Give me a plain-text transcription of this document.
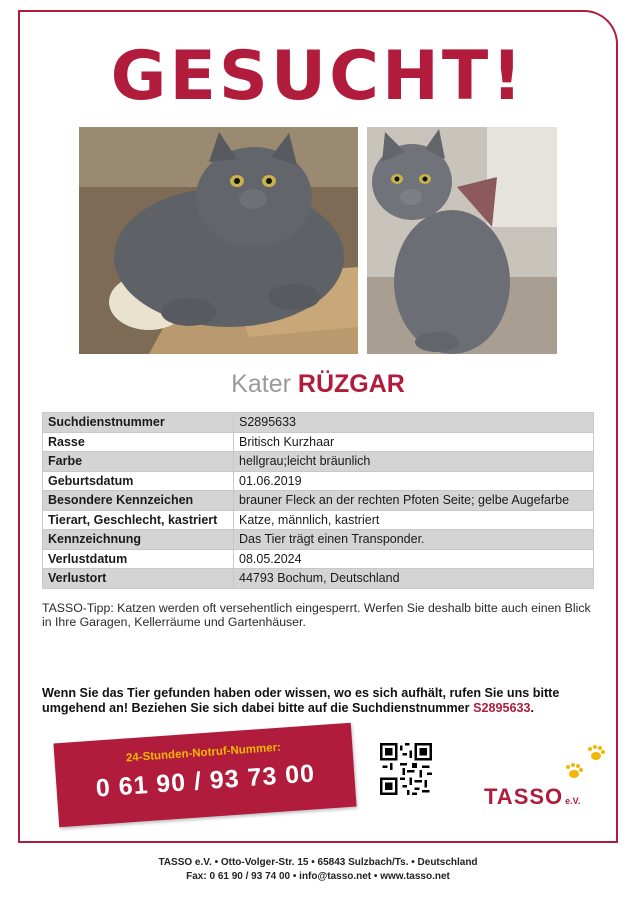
GESUCHT!
Kater RÜZGAR
Suchdienstnummer	S2895633
Rasse	Britisch Kurzhaar
Farbe	hellgrau;leicht bräunlich
Geburtsdatum	01.06.2019
Besondere Kennzeichen	brauner Fleck an der rechten Pfoten Seite; gelbe Augefarbe
Tierart, Geschlecht, kastriert	Katze, männlich, kastriert
Kennzeichnung	Das Tier trägt einen Transponder.
Verlustdatum	08.05.2024
Verlustort	44793 Bochum, Deutschland

TASSO-Tipp: Katzen werden oft versehentlich eingesperrt. Werfen Sie deshalb bitte auch einen Blick in Ihre Garagen, Kellerräume und Gartenhäuser.

Wenn Sie das Tier gefunden haben oder wissen, wo es sich aufhält, rufen Sie uns bitte umgehend an! Beziehen Sie sich dabei bitte auf die Suchdienstnummer S2895633.

24-Stunden-Notruf-Nummer:
0 61 90 / 93 73 00	TASSO e.V.
TASSO e.V. • Otto-Volger-Str. 15 • 65843 Sulzbach/Ts. • Deutschland
Fax: 0 61 90 / 93 74 00 • info@tasso.net • www.tasso.net
